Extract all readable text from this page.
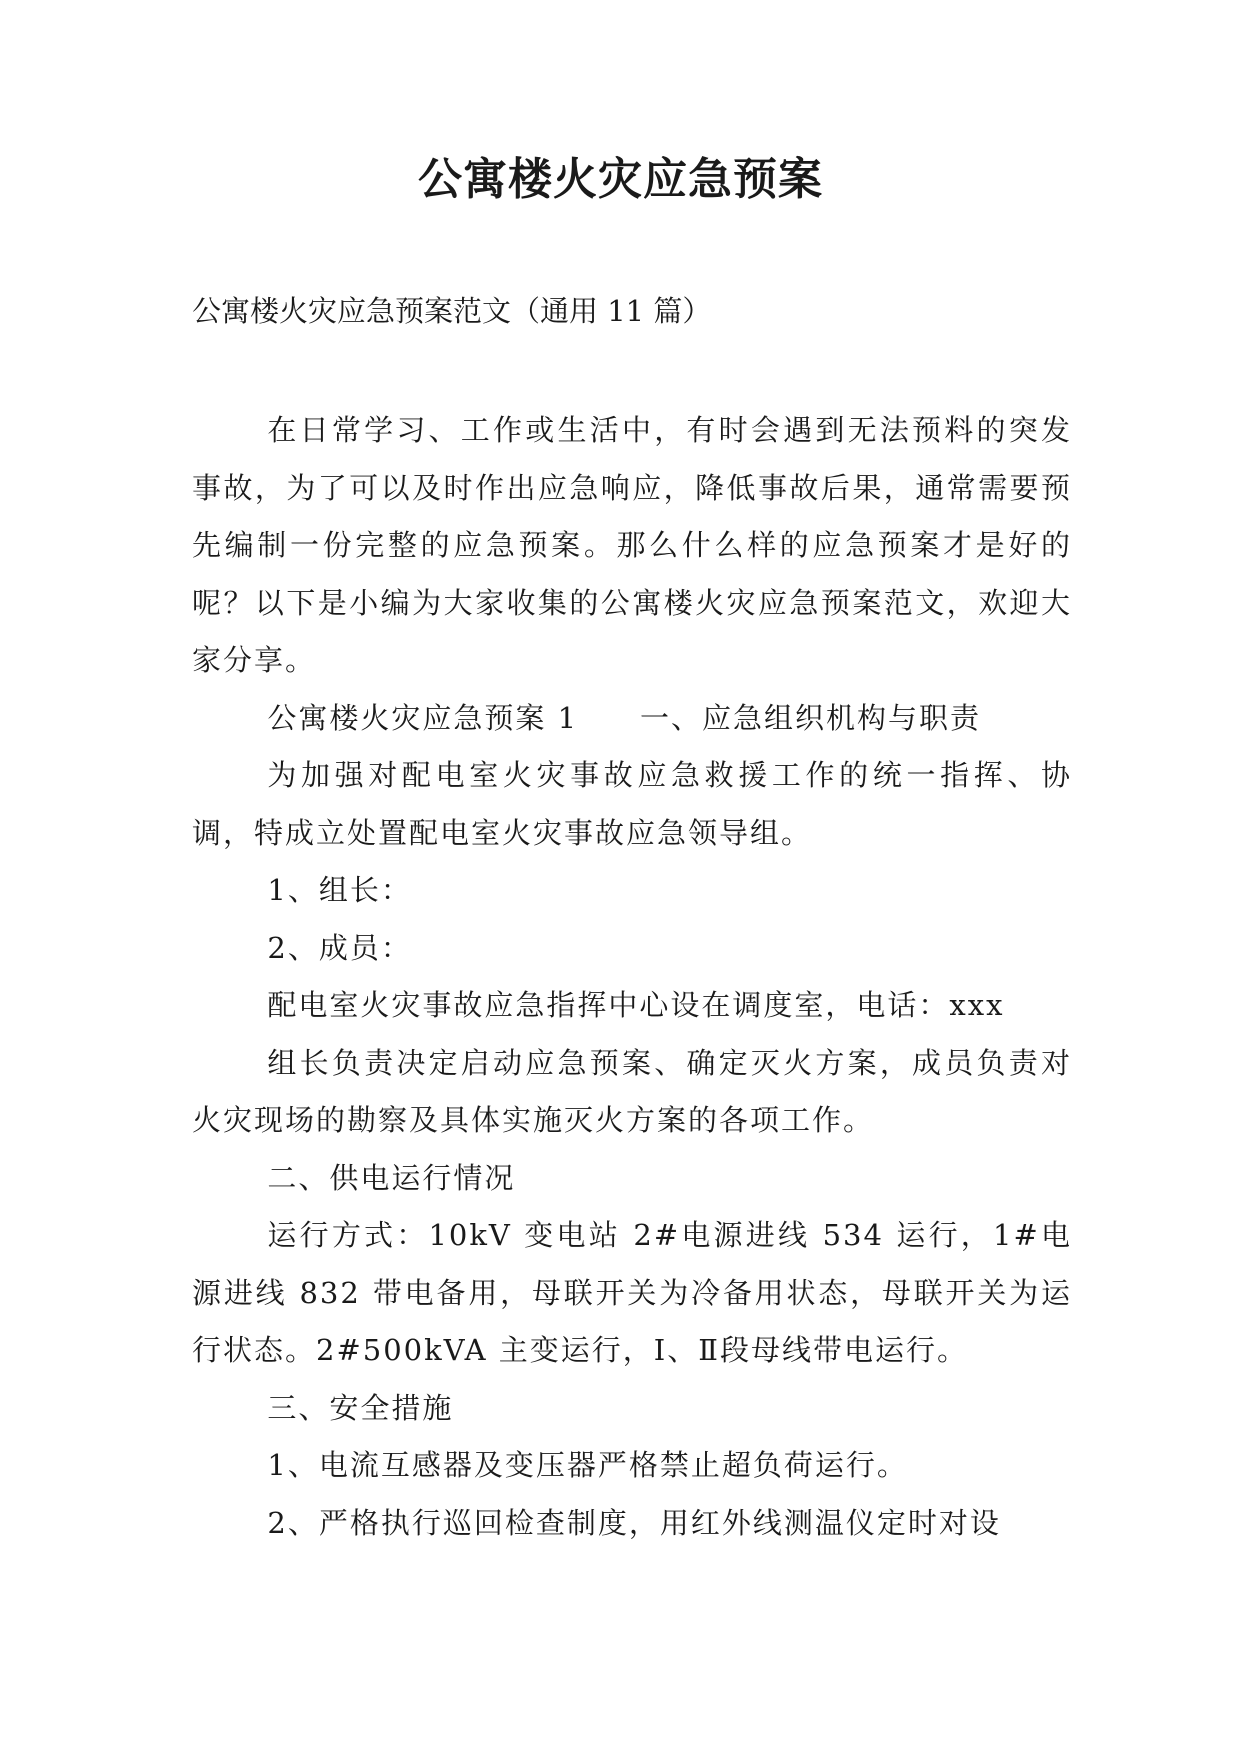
公寓楼火灾应急预案
公寓楼火灾应急预案范文（通用 11 篇）

在日常学习、工作或生活中，有时会遇到无法预料的突发事故，为了可以及时作出应急响应，降低事故后果，通常需要预先编制一份完整的应急预案。那么什么样的应急预案才是好的呢？以下是小编为大家收集的公寓楼火灾应急预案范文，欢迎大家分享。

公寓楼火灾应急预案 1　　一、应急组织机构与职责

为加强对配电室火灾事故应急救援工作的统一指挥、协调，特成立处置配电室火灾事故应急领导组。

1、组长：

2、成员：

配电室火灾事故应急指挥中心设在调度室，电话：xxx

组长负责决定启动应急预案、确定灭火方案，成员负责对火灾现场的勘察及具体实施灭火方案的各项工作。

二、供电运行情况

运行方式：10kV 变电站 2#电源进线 534 运行，1#电源进线 832 带电备用，母联开关为冷备用状态，母联开关为运行状态。2#500kVA 主变运行，Ⅰ、Ⅱ段母线带电运行。

三、安全措施

1、电流互感器及变压器严格禁止超负荷运行。

2、严格执行巡回检查制度，用红外线测温仪定时对设
